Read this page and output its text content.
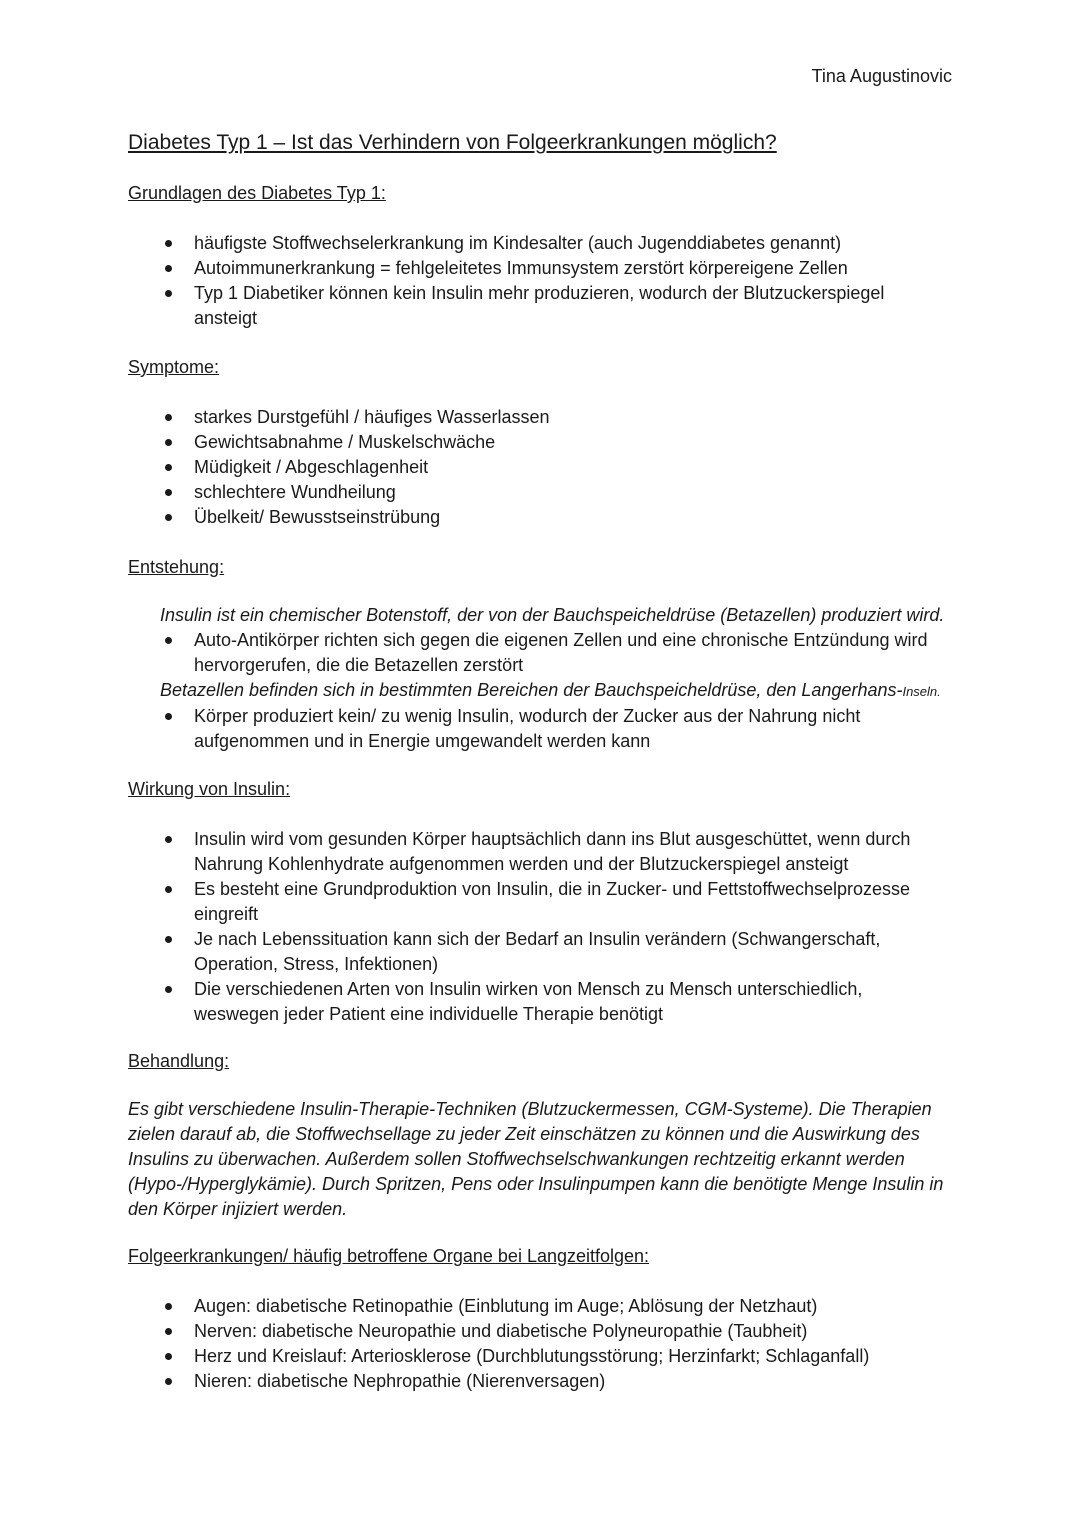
Tina Augustinovic
Diabetes Typ 1 – Ist das Verhindern von Folgeerkrankungen möglich?

Grundlagen des Diabetes Typ 1:

häufigste Stoffwechselerkrankung im Kindesalter (auch Jugenddiabetes genannt)
Autoimmunerkrankung = fehlgeleitetes Immunsystem zerstört körpereigene Zellen
Typ 1 Diabetiker können kein Insulin mehr produzieren, wodurch der Blutzuckerspiegel ansteigt

Symptome:

starkes Durstgefühl / häufiges Wasserlassen
Gewichtsabnahme / Muskelschwäche
Müdigkeit / Abgeschlagenheit
schlechtere Wundheilung
Übelkeit/ Bewusstseinstrübung

Entstehung:

Insulin ist ein chemischer Botenstoff, der von der Bauchspeicheldrüse (Betazellen) produziert wird.

Auto-Antikörper richten sich gegen die eigenen Zellen und eine chronische Entzündung wird hervorgerufen, die die Betazellen zerstört

Betazellen befinden sich in bestimmten Bereichen der Bauchspeicheldrüse, den Langerhans-Inseln.

Körper produziert kein/ zu wenig Insulin, wodurch der Zucker aus der Nahrung nicht aufgenommen und in Energie umgewandelt werden kann

Wirkung von Insulin:

Insulin wird vom gesunden Körper hauptsächlich dann ins Blut ausgeschüttet, wenn durch Nahrung Kohlenhydrate aufgenommen werden und der Blutzuckerspiegel ansteigt
Es besteht eine Grundproduktion von Insulin, die in Zucker- und Fettstoffwechselprozesse eingreift
Je nach Lebenssituation kann sich der Bedarf an Insulin verändern (Schwangerschaft, Operation, Stress, Infektionen)
Die verschiedenen Arten von Insulin wirken von Mensch zu Mensch unterschiedlich, weswegen jeder Patient eine individuelle Therapie benötigt

Behandlung:

Es gibt verschiedene Insulin-Therapie-Techniken (Blutzuckermessen, CGM-Systeme). Die Therapien zielen darauf ab, die Stoffwechsellage zu jeder Zeit einschätzen zu können und die Auswirkung des Insulins zu überwachen. Außerdem sollen Stoffwechselschwankungen rechtzeitig erkannt werden (Hypo-/Hyperglykämie). Durch Spritzen, Pens oder Insulinpumpen kann die benötigte Menge Insulin in den Körper injiziert werden.

Folgeerkrankungen/ häufig betroffene Organe bei Langzeitfolgen:

Augen: diabetische Retinopathie (Einblutung im Auge; Ablösung der Netzhaut)
Nerven: diabetische Neuropathie und diabetische Polyneuropathie (Taubheit)
Herz und Kreislauf: Arteriosklerose (Durchblutungsstörung; Herzinfarkt; Schlaganfall)
Nieren: diabetische Nephropathie (Nierenversagen)
